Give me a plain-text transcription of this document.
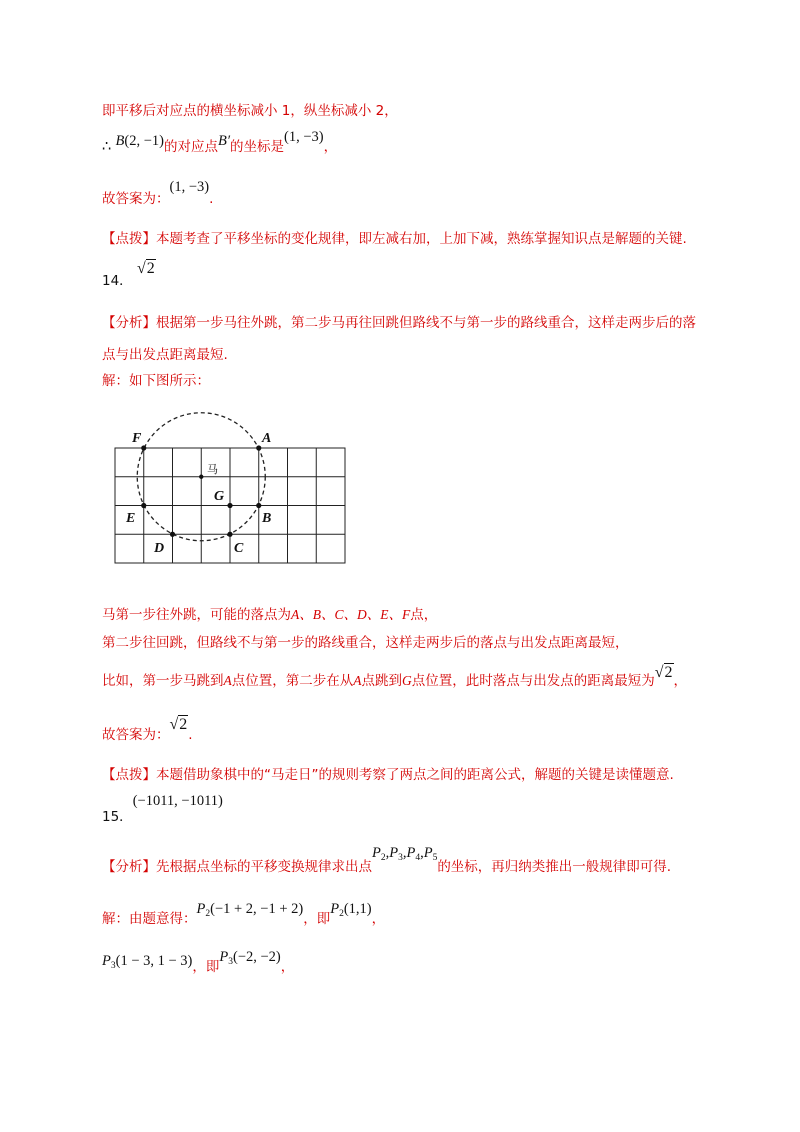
即平移后对应点的横坐标减小 1，纵坐标减小 2，
∴ B(2, −1)的对应点B′的坐标是(1, −3)，
故答案为：(1, −3).
【点拨】本题考查了平移坐标的变化规律，即左减右加，上加下减，熟练掌握知识点是解题的关键.
14． √2
【分析】根据第一步马往外跳，第二步马再往回跳但路线不与第一步的路线重合，这样走两步后的落
点与出发点距离最短.
解：如下图所示：
F	A
G
E	B
D	C
马
马第一步往外跳，可能的落点为A、B、C、D、E、F点，
第二步往回跳，但路线不与第一步的路线重合，这样走两步后的落点与出发点距离最短，
比如，第一步马跳到A点位置，第二步在从A点跳到G点位置，此时落点与出发点的距离最短为√2，
故答案为：√2.
【点拨】本题借助象棋中的“马走日”的规则考察了两点之间的距离公式，解题的关键是读懂题意.
15．(−1011, −1011)
【分析】先根据点坐标的平移变换规律求出点$P_2,P_3,P_4,P_5$的坐标，再归纳类推出一般规律即可得.
解：由题意得：$P_2(-1 + 2$, −1 + 2)，即$P_2(1,1)$，
$P_3(1 - 3$, 1 − 3)，即$P_3(-2$, −2)，
